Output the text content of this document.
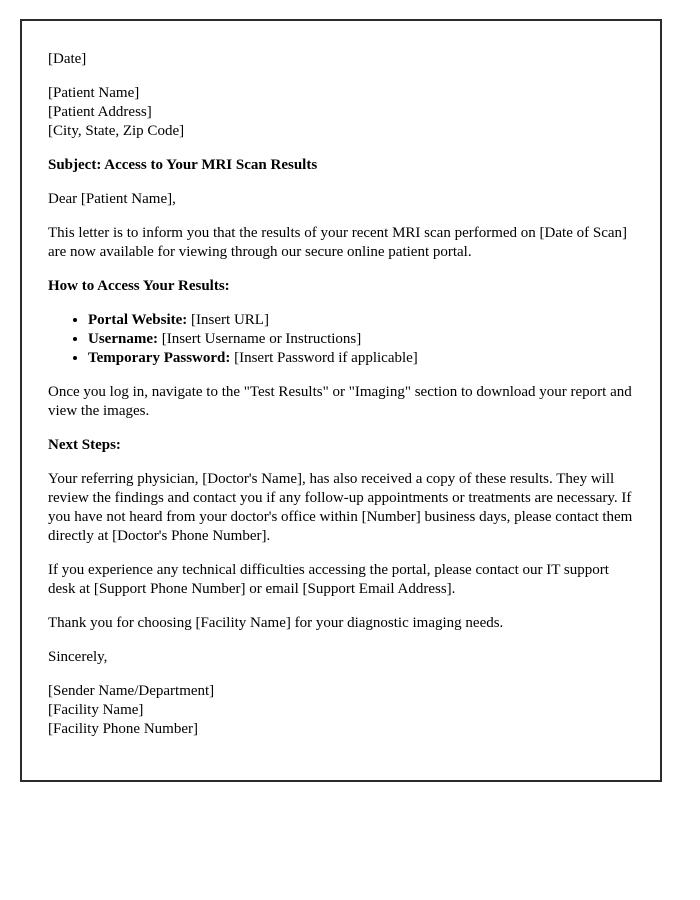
[Date]

[Patient Name]
[Patient Address]
[City, State, Zip Code]

Subject: Access to Your MRI Scan Results

Dear [Patient Name],

This letter is to inform you that the results of your recent MRI scan performed on [Date of Scan] are now available for viewing through our secure online patient portal.

How to Access Your Results:

• Portal Website: [Insert URL]
• Username: [Insert Username or Instructions]
• Temporary Password: [Insert Password if applicable]

Once you log in, navigate to the "Test Results" or "Imaging" section to download your report and view the images.

Next Steps:

Your referring physician, [Doctor's Name], has also received a copy of these results. They will review the findings and contact you if any follow-up appointments or treatments are necessary. If you have not heard from your doctor's office within [Number] business days, please contact them directly at [Doctor's Phone Number].

If you experience any technical difficulties accessing the portal, please contact our IT support desk at [Support Phone Number] or email [Support Email Address].

Thank you for choosing [Facility Name] for your diagnostic imaging needs.

Sincerely,

[Sender Name/Department]
[Facility Name]
[Facility Phone Number]
